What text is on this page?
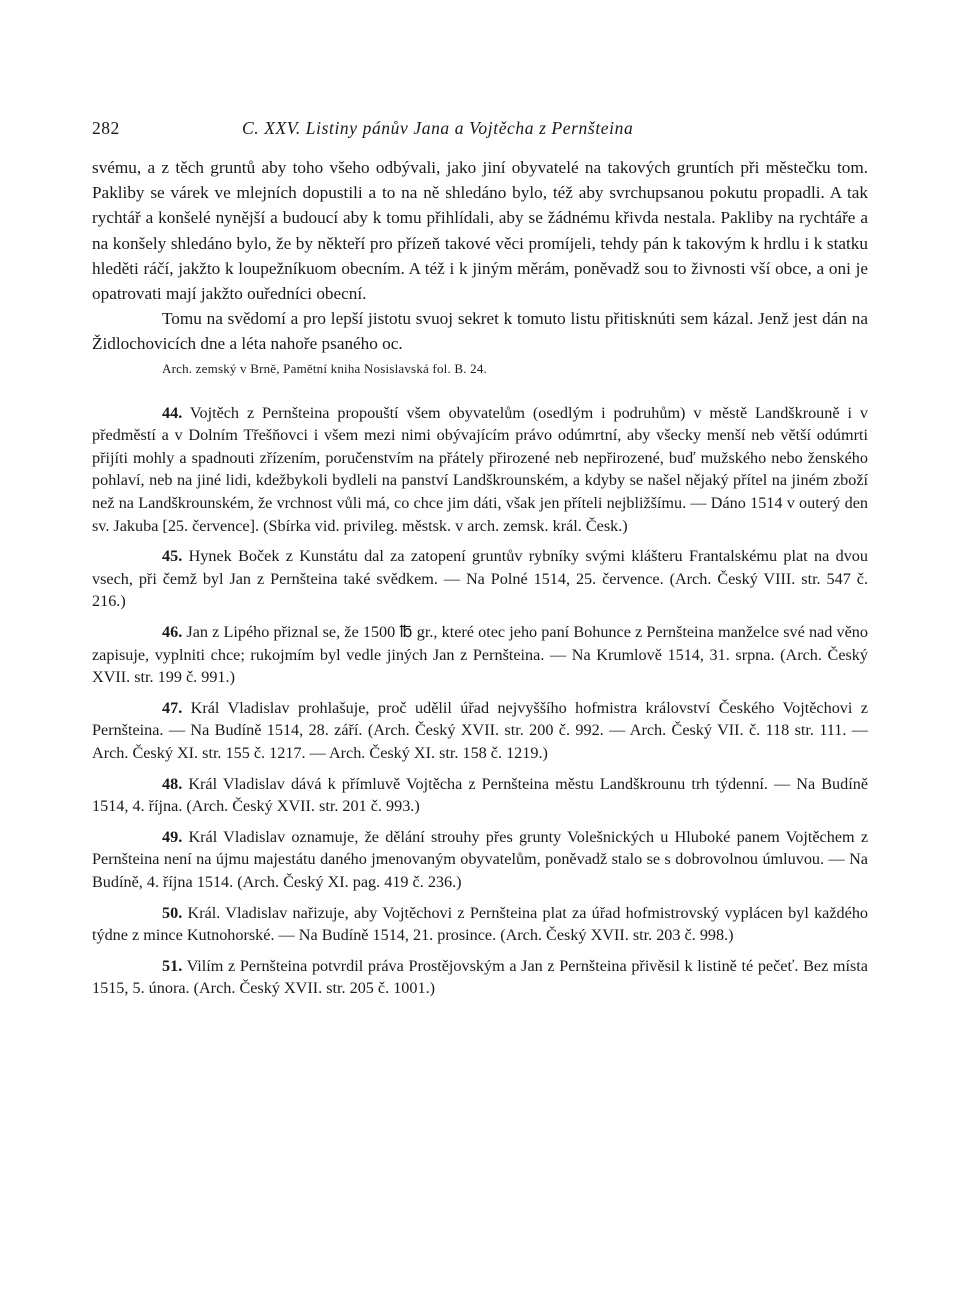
282	C. XXV. Listiny pánův Jana a Vojtěcha z Pernšteina

svému, a z těch gruntů aby toho všeho odbývali, jako jiní obyvatelé na takových gruntích při městečku tom. Pakliby se várek ve mlejních dopustili a to na ně shledáno bylo, též aby svrchupsanou pokutu propadli. A tak rychtář a konšelé nynější a budoucí aby k tomu přihlídali, aby se žádnému křivda nestala. Pakliby na rychtáře a na konšely shledáno bylo, že by někteří pro přízeň takové věci promíjeli, tehdy pán k takovým k hrdlu i k statku hleděti ráčí, jakžto k loupežníkuom obecním. A též i k jiným měrám, poněvadž sou to živnosti vší obce, a oni je opatrovati mají jakžto ouředníci obecní.

Tomu na svědomí a pro lepší jistotu svuoj sekret k tomuto listu přitisknúti sem kázal. Jenž jest dán na Židlochovicích dne a léta nahoře psaného oc.

Arch. zemský v Brně, Pamětní kniha Nosislavská fol. B. 24.

44. Vojtěch z Pernšteina propouští všem obyvatelům (osedlým i podruhům) v městě Landškrouně i v předměstí a v Dolním Třešňovci i všem mezi nimi obývajícím právo odúmrtní, aby všecky menší neb větší odúmrti přijíti mohly a spadnouti zřízením, poručenstvím na přátely přirozené neb nepřirozené, buď mužského nebo ženského pohlaví, neb na jiné lidi, kdežbykoli bydleli na panství Landškrounském, a kdyby se našel nějaký přítel na jiném zboží než na Landškrounském, že vrchnost vůli má, co chce jim dáti, však jen příteli nejbližšímu. — Dáno 1514 v outerý den sv. Jakuba [25. července]. (Sbírka vid. privileg. městsk. v arch. zemsk. král. Česk.)

45. Hynek Boček z Kunstátu dal za zatopení gruntův rybníky svými klášteru Frantalskému plat na dvou vsech, při čemž byl Jan z Pernšteina také svědkem. — Na Polné 1514, 25. července. (Arch. Český VIII. str. 547 č. 216.)

46. Jan z Lipého přiznal se, že 1500 ℔ gr., které otec jeho paní Bohunce z Pernšteina manželce své nad věno zapisuje, vyplniti chce; rukojmím byl vedle jiných Jan z Pernšteina. — Na Krumlově 1514, 31. srpna. (Arch. Český XVII. str. 199 č. 991.)

47. Král Vladislav prohlašuje, proč udělil úřad nejvyššího hofmistra království Českého Vojtěchovi z Pernšteina. — Na Budíně 1514, 28. září. (Arch. Český XVII. str. 200 č. 992. — Arch. Český VII. č. 118 str. 111. — Arch. Český XI. str. 155 č. 1217. — Arch. Český XI. str. 158 č. 1219.)

48. Král Vladislav dává k přímluvě Vojtěcha z Pernšteina městu Landškrounu trh týdenní. — Na Budíně 1514, 4. října. (Arch. Český XVII. str. 201 č. 993.)

49. Král Vladislav oznamuje, že dělání strouhy přes grunty Volešnických u Hluboké panem Vojtěchem z Pernšteina není na újmu majestátu daného jmenovaným obyvatelům, poněvadž stalo se s dobrovolnou úmluvou. — Na Budíně, 4. října 1514. (Arch. Český XI. pag. 419 č. 236.)

50. Král. Vladislav nařizuje, aby Vojtěchovi z Pernšteina plat za úřad hofmistrovský vyplácen byl každého týdne z mince Kutnohorské. — Na Budíně 1514, 21. prosince. (Arch. Český XVII. str. 203 č. 998.)

51. Vilím z Pernšteina potvrdil práva Prostějovským a Jan z Pernšteina přivěsil k listině té pečeť. Bez místa 1515, 5. února. (Arch. Český XVII. str. 205 č. 1001.)
